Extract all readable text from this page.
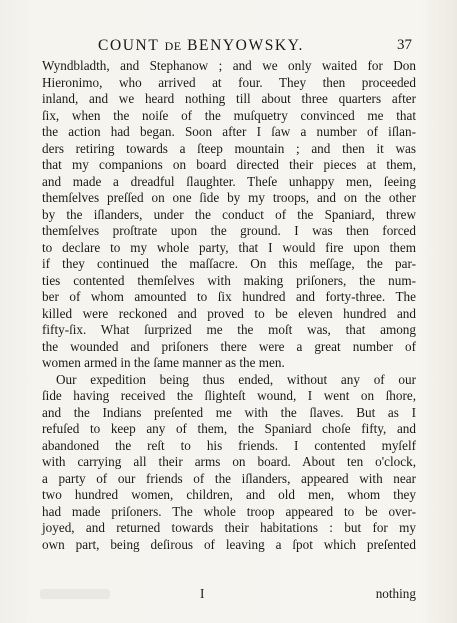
COUNT DE BENYOWSKY.	37
Wyndbladth, and Stephanow ; and we only waited for Don
Hieronimo, who arrived at four. They then proceeded
inland, and we heard nothing till about three quarters after
ſix, when the noiſe of the muſquetry convinced me that
the action had began. Soon after I ſaw a number of iſlan-
ders retiring towards a ſteep mountain ; and then it was
that my companions on board directed their pieces at them,
and made a dreadful ſlaughter. Theſe unhappy men, ſeeing
themſelves preſſed on one ſide by my troops, and on the other
by the iſlanders, under the conduct of the Spaniard, threw
themſelves proſtrate upon the ground. I was then forced
to declare to my whole party, that I would fire upon them
if they continued the maſſacre. On this meſſage, the par-
ties contented themſelves with making priſoners, the num-
ber of whom amounted to ſix hundred and forty-three. The
killed were reckoned and proved to be eleven hundred and
fifty-ſix. What ſurprized me the moſt was, that among
the wounded and priſoners there were a great number of
women armed in the ſame manner as the men.
Our expedition being thus ended, without any of our
ſide having received the ſlighteſt wound, I went on ſhore,
and the Indians preſented me with the ſlaves. But as I
refuſed to keep any of them, the Spaniard choſe fifty, and
abandoned the reſt to his friends. I contented myſelf
with carrying all their arms on board. About ten o'clock,
a party of our friends of the iſlanders, appeared with near
two hundred women, children, and old men, whom they
had made priſoners. The whole troop appeared to be over-
joyed, and returned towards their habitations : but for my
own part, being deſirous of leaving a ſpot which preſented
I	nothing
